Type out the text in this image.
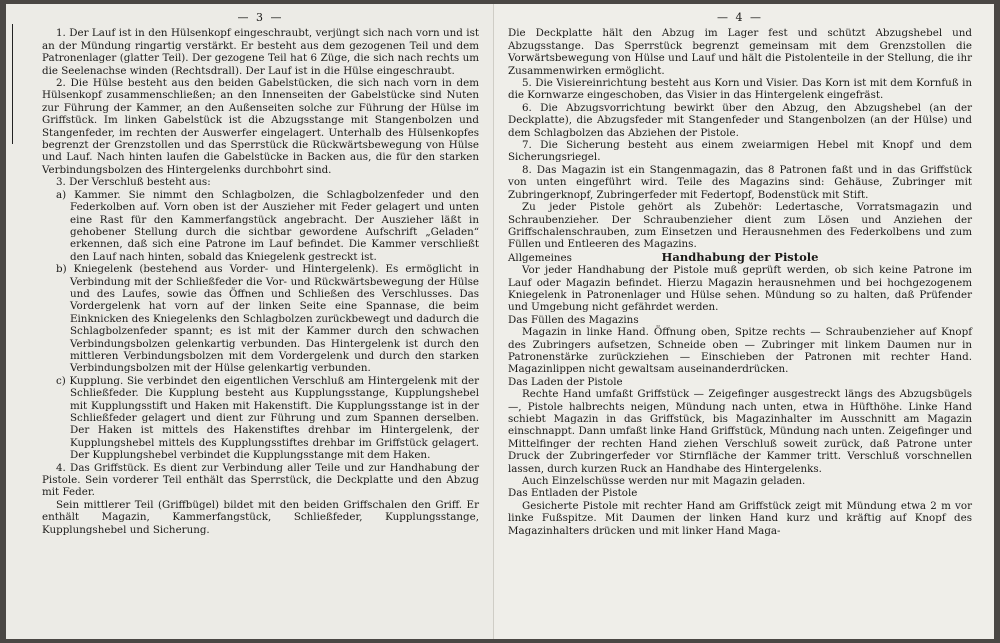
— 3 —

1. Der Lauf ist in den Hülsenkopf eingeschraubt, verjüngt sich nach vorn und ist an der Mündung ringartig verstärkt. Er besteht aus dem gezogenen Teil und dem Patronenlager (glatter Teil). Der gezogene Teil hat 6 Züge, die sich nach rechts um die Seelenachse winden (Rechtsdrall). Der Lauf ist in die Hülse eingeschraubt.

2. Die Hülse besteht aus den beiden Gabelstücken, die sich nach vorn in dem Hülsenkopf zusammenschließen; an den Innenseiten der Gabelstücke sind Nuten zur Führung der Kammer, an den Außenseiten solche zur Führung der Hülse im Griffstück. Im linken Gabelstück ist die Abzugsstange mit Stangenbolzen und Stangenfeder, im rechten der Auswerfer eingelagert. Unterhalb des Hülsenkopfes begrenzt der Grenzstollen und das Sperrstück die Rückwärtsbewegung von Hülse und Lauf. Nach hinten laufen die Gabelstücke in Backen aus, die für den starken Verbindungsbolzen des Hintergelenks durchbohrt sind.

3. Der Verschluß besteht aus:

a) Kammer. Sie nimmt den Schlagbolzen, die Schlagbolzenfeder und den Federkolben auf. Vorn oben ist der Auszieher mit Feder gelagert und unten eine Rast für den Kammerfangstück angebracht. Der Auszieher läßt in gehobener Stellung durch die sichtbar gewordene Aufschrift „Geladen“ erkennen, daß sich eine Patrone im Lauf befindet. Die Kammer verschließt den Lauf nach hinten, sobald das Kniegelenk gestreckt ist.

b) Kniegelenk (bestehend aus Vorder- und Hintergelenk). Es ermöglicht in Verbindung mit der Schließfeder die Vor- und Rückwärtsbewegung der Hülse und des Laufes, sowie das Öffnen und Schließen des Verschlusses. Das Vordergelenk hat vorn auf der linken Seite eine Spannase, die beim Einknicken des Kniegelenks den Schlagbolzen zurückbewegt und dadurch die Schlagbolzenfeder spannt; es ist mit der Kammer durch den schwachen Verbindungsbolzen gelenkartig verbunden. Das Hintergelenk ist durch den mittleren Verbindungsbolzen mit dem Vordergelenk und durch den starken Verbindungsbolzen mit der Hülse gelenkartig verbunden.

c) Kupplung. Sie verbindet den eigentlichen Verschluß am Hintergelenk mit der Schließfeder. Die Kupplung besteht aus Kupplungsstange, Kupplungshebel mit Kupplungsstift und Haken mit Hakenstift. Die Kupplungsstange ist in der Schließfeder gelagert und dient zur Führung und zum Spannen derselben. Der Haken ist mittels des Hakenstiftes drehbar im Hintergelenk, der Kupplungshebel mittels des Kupplungsstiftes drehbar im Griffstück gelagert. Der Kupplungshebel verbindet die Kupplungsstange mit dem Haken.

4. Das Griffstück. Es dient zur Verbindung aller Teile und zur Handhabung der Pistole. Sein vorderer Teil enthält das Sperrstück, die Deckplatte und den Abzug mit Feder.

Sein mittlerer Teil (Griffbügel) bildet mit den beiden Griffschalen den Griff. Er enthält Magazin, Kammerfangstück, Schließfeder, Kupplungsstange, Kupplungshebel und Sicherung.

— 4 —

Die Deckplatte hält den Abzug im Lager fest und schützt Abzugshebel und Abzugsstange. Das Sperrstück begrenzt gemeinsam mit dem Grenzstollen die Vorwärtsbewegung von Hülse und Lauf und hält die Pistolenteile in der Stellung, die ihr Zusammenwirken ermöglicht.

5. Die Visiereinrichtung besteht aus Korn und Visier. Das Korn ist mit dem Kornfuß in die Kornwarze eingeschoben, das Visier in das Hintergelenk eingefräst.

6. Die Abzugsvorrichtung bewirkt über den Abzug, den Abzugshebel (an der Deckplatte), die Abzugsfeder mit Stangenfeder und Stangenbolzen (an der Hülse) und dem Schlagbolzen das Abziehen der Pistole.

7. Die Sicherung besteht aus einem zweiarmigen Hebel mit Knopf und dem Sicherungsriegel.

8. Das Magazin ist ein Stangenmagazin, das 8 Patronen faßt und in das Griffstück von unten eingeführt wird. Teile des Magazins sind: Gehäuse, Zubringer mit Zubringerknopf, Zubringerfeder mit Federtopf, Bodenstück mit Stift.

Zu jeder Pistole gehört als Zubehör: Ledertasche, Vorratsmagazin und Schraubenzieher. Der Schraubenzieher dient zum Lösen und Anziehen der Griffschalenschrauben, zum Einsetzen und Herausnehmen des Federkolbens und zum Füllen und Entleeren des Magazins.

Allgemeines	Handhabung der Pistole

Vor jeder Handhabung der Pistole muß geprüft werden, ob sich keine Patrone im Lauf oder Magazin befindet. Hierzu Magazin herausnehmen und bei hochgezogenem Kniegelenk in Patronenlager und Hülse sehen. Mündung so zu halten, daß Prüfender und Umgebung nicht gefährdet werden.

Das Füllen des Magazins

Magazin in linke Hand. Öffnung oben, Spitze rechts — Schraubenzieher auf Knopf des Zubringers aufsetzen, Schneide oben — Zubringer mit linkem Daumen nur in Patronenstärke zurückziehen — Einschieben der Patronen mit rechter Hand. Magazinlippen nicht gewaltsam auseinanderdrücken.

Das Laden der Pistole

Rechte Hand umfaßt Griffstück — Zeigefinger ausgestreckt längs des Abzugsbügels —, Pistole halbrechts neigen, Mündung nach unten, etwa in Hüfthöhe. Linke Hand schiebt Magazin in das Griffstück, bis Magazinhalter im Ausschnitt am Magazin einschnappt. Dann umfaßt linke Hand Griffstück, Mündung nach unten. Zeigefinger und Mittelfinger der rechten Hand ziehen Verschluß soweit zurück, daß Patrone unter Druck der Zubringerfeder vor Stirnfläche der Kammer tritt. Verschluß vorschnellen lassen, durch kurzen Ruck an Handhabe des Hintergelenks.

Auch Einzelschüsse werden nur mit Magazin geladen.

Das Entladen der Pistole

Gesicherte Pistole mit rechter Hand am Griffstück zeigt mit Mündung etwa 2 m vor linke Fußspitze. Mit Daumen der linken Hand kurz und kräftig auf Knopf des Magazinhalters drücken und mit linker Hand Maga-
